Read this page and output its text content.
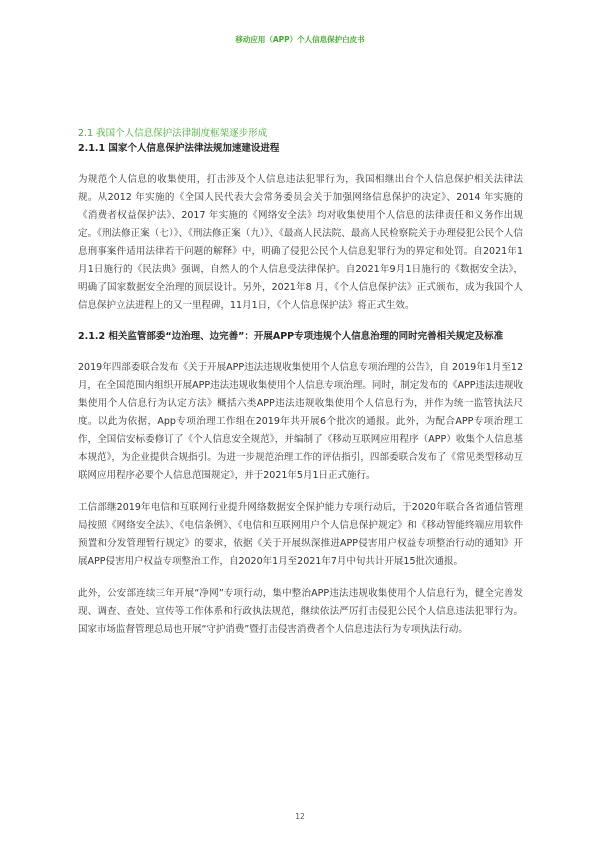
移动应用（APP）个人信息保护白皮书

2.1 我国个人信息保护法律制度框架逐步形成

2.1.1 国家个人信息保护法律法规加速建设进程

为规范个人信息的收集使用，打击涉及个人信息违法犯罪行为，我国相继出台个人信息保护相关法律法规。从2012 年实施的《全国人民代表大会常务委员会关于加强网络信息保护的决定》、2014 年实施的《消费者权益保护法》、2017 年实施的《网络安全法》均对收集使用个人信息的法律责任和义务作出规定。《刑法修正案（七）》、《刑法修正案（九）》、《最高人民法院、最高人民检察院关于办理侵犯公民个人信息刑事案件适用法律若干问题的解释》中，明确了侵犯公民个人信息犯罪行为的界定和处罚。自2021年1月1日施行的《民法典》强调，自然人的个人信息受法律保护。自2021年9月1日施行的《数据安全法》，明确了国家数据安全治理的顶层设计。另外，2021年8 月，《个人信息保护法》正式颁布，成为我国个人信息保护立法进程上的又一里程碑，11月1日，《个人信息保护法》将正式生效。

2.1.2 相关监管部委“边治理、边完善”：开展APP专项违规个人信息治理的同时完善相关规定及标准

2019年四部委联合发布《关于开展APP违法违规收集使用个人信息专项治理的公告》，自 2019年1月至12月，在全国范围内组织开展APP违法违规收集使用个人信息专项治理。同时，制定发布的《APP违法违规收集使用个人信息行为认定方法》概括六类APP违法违规收集使用个人信息行为，并作为统一监管执法尺度。以此为依据，App专项治理工作组在2019年共开展6个批次的通报。此外，为配合APP专项治理工作，全国信安标委修订了《个人信息安全规范》，并编制了《移动互联网应用程序（APP）收集个人信息基本规范》，为企业提供合规指引。为进一步规范治理工作的评估指引，四部委联合发布了《常见类型移动互联网应用程序必要个人信息范围规定》，并于2021年5月1日正式施行。

工信部继2019年电信和互联网行业提升网络数据安全保护能力专项行动后，于2020年联合各省通信管理局按照《网络安全法》、《电信条例》、《电信和互联网用户个人信息保护规定》和《移动智能终端应用软件预置和分发管理暂行规定》的要求，依据《关于开展纵深推进APP侵害用户权益专项整治行动的通知》开展APP侵害用户权益专项整治工作，自2020年1月至2021年7月中旬共计开展15批次通报。

此外，公安部连续三年开展“净网”专项行动，集中整治APP违法违规收集使用个人信息行为，健全完善发现、调查、查处、宣传等工作体系和行政执法规范，继续依法严厉打击侵犯公民个人信息违法犯罪行为。国家市场监督管理总局也开展“守护消费”暨打击侵害消费者个人信息违法行为专项执法行动。

12
